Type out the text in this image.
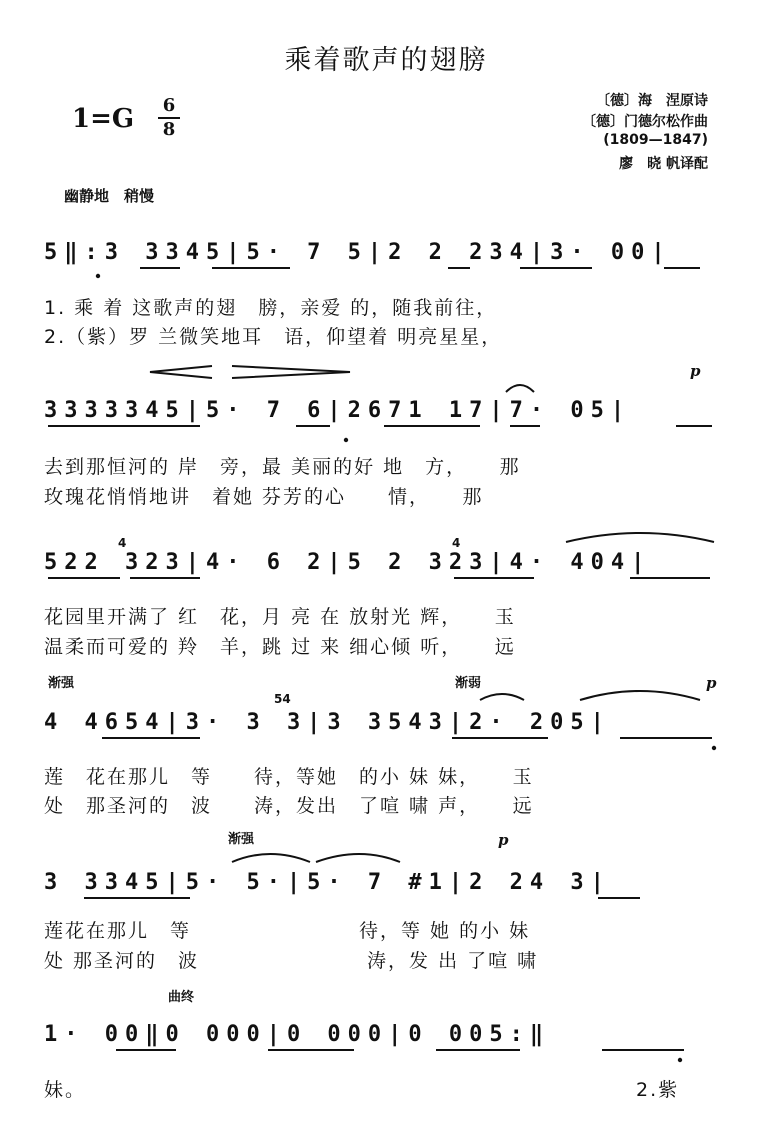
乘着歌声的翅膀
1=G 6
8
〔德〕海　涅原诗
〔德〕门德尔松作曲
(1809—1847)
廖　晓 帆译配
幽静地　稍慢
5‖:3 3345|5· 7 5|2 2 234|3· 00|
1. 乘 着 这歌声的翅　膀，亲爱 的，随我前往，
2.（紫）罗 兰微笑地耳　语，仰望着 明亮星星，
3333345|5· 7 6|2671 17|7· 05|
去到那恒河的 岸　旁，最 美丽的好 地　方，　　那
玫瑰花悄悄地讲　着她 芬芳的心　　情，　　那
522 323|4· 6 2|5 2 323|4· 404|
花园里开满了 红　花，月 亮 在 放射光 辉，　　玉
温柔而可爱的 羚　羊，跳 过 来 细心倾 听，　　远
渐强	渐弱	p
4 4654|3· 3 3|3 3543|2· 205|
莲　花在那儿　等　　待，等她　的小 妹 妹，　　玉
处　那圣河的　波　　涛，发出　了喧 啸 声，　　远
渐强	p
p
3 3345|5· 5·|5· 7 #1|2 24 3|
莲花在那儿　等　　　　　　　　待，等 她 的小 妹
处 那圣河的　波　　　　　　　　涛，发 出 了喧 啸
曲终
1· 00‖0 000|0 000|0 005:‖
妹。	2.紫
4	4
54
